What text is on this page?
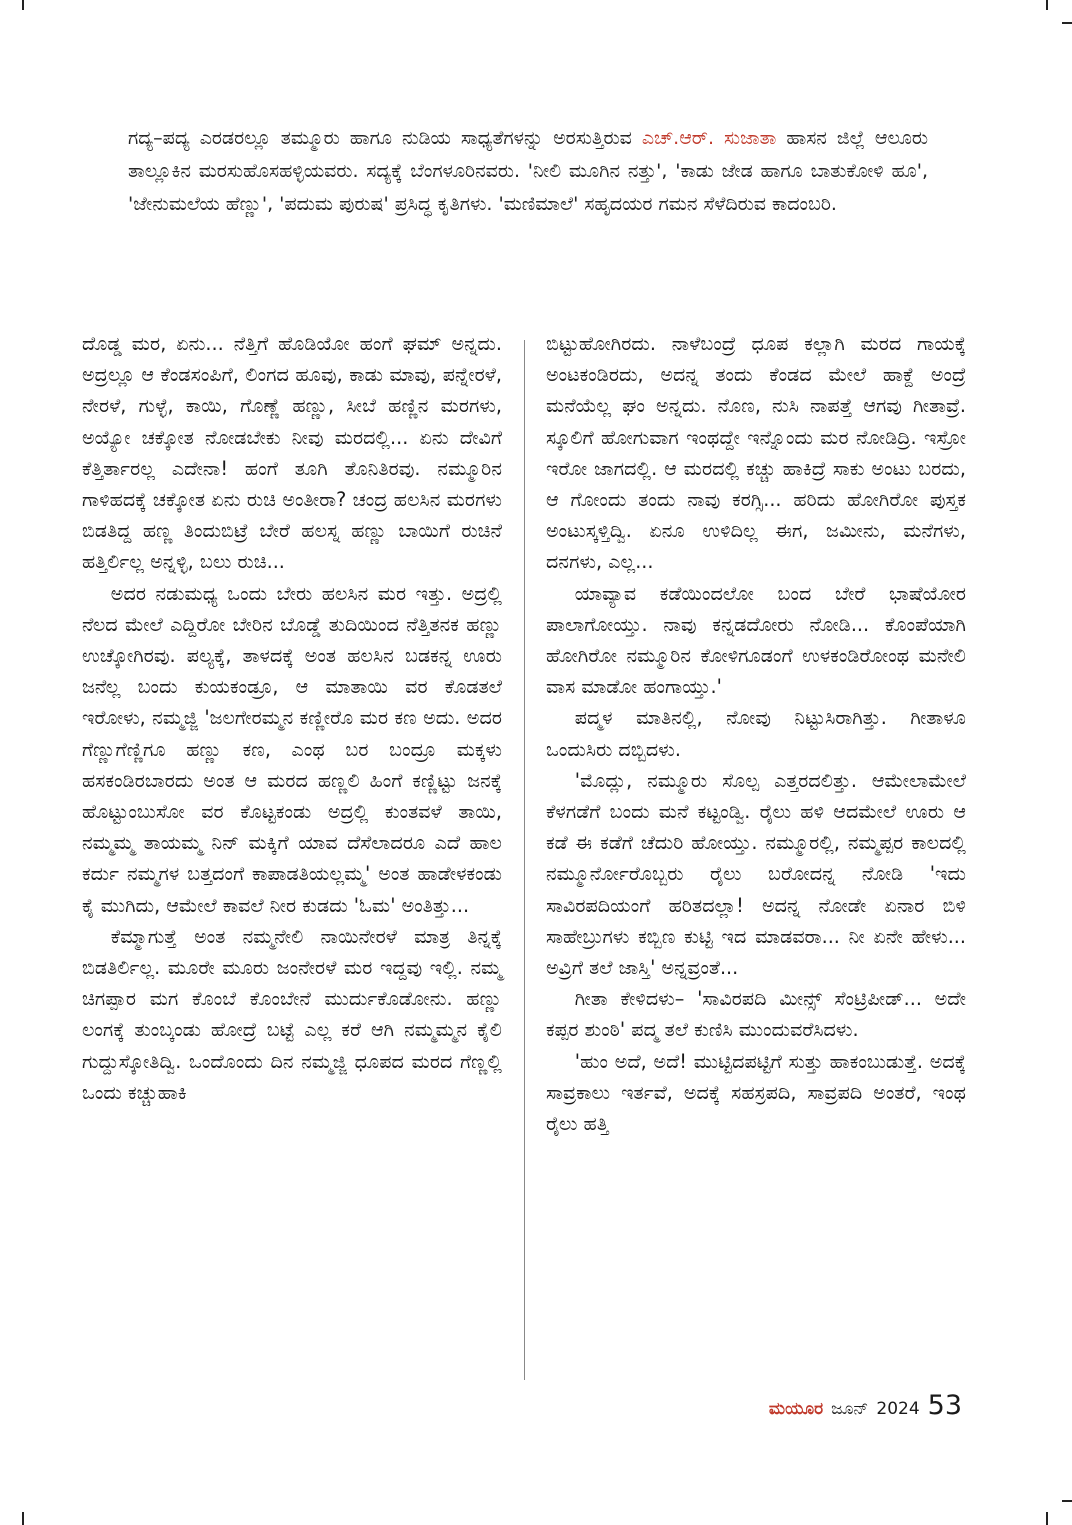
ಗದ್ಯ–ಪದ್ಯ ಎರಡರಲ್ಲೂ ತಮ್ಮೂರು ಹಾಗೂ ನುಡಿಯ ಸಾಧ್ಯತೆಗಳನ್ನು ಅರಸುತ್ತಿರುವ ಎಚ್.ಆರ್. ಸುಜಾತಾ ಹಾಸನ ಜಿಲ್ಲೆ ಆಲೂರು ತಾಲ್ಲೂಕಿನ ಮರಸುಹೊಸಹಳ್ಳಿಯವರು. ಸದ್ಯಕ್ಕೆ ಬೆಂಗಳೂರಿನವರು. 'ನೀಲಿ ಮೂಗಿನ ನತ್ತು', 'ಕಾಡು ಜೇಡ ಹಾಗೂ ಬಾತುಕೋಳಿ ಹೂ', 'ಜೇನುಮಲೆಯ ಹೆಣ್ಣು', 'ಪದುಮ ಪುರುಷ' ಪ್ರಸಿದ್ಧ ಕೃತಿಗಳು. 'ಮಣಿಮಾಲೆ' ಸಹೃದಯರ ಗಮನ ಸೆಳೆದಿರುವ ಕಾದಂಬರಿ.

ದೊಡ್ಡ ಮರ, ಏನು... ನೆತ್ತಿಗೆ ಹೊಡಿಯೋ ಹಂಗೆ ಘಮ್ ಅನ್ನದು. ಅದ್ರಲ್ಲೂ ಆ ಕೆಂಡಸಂಪಿಗೆ, ಲಿಂಗದ ಹೂವು, ಕಾಡು ಮಾವು, ಪನ್ನೇರಳೆ, ನೇರಳೆ, ಗುಳ್ಳೆ, ಕಾಯಿ, ಗೊಣ್ಣೆ ಹಣ್ಣು, ಸೀಬೆ ಹಣ್ಣಿನ ಮರಗಳು, ಅಯ್ಯೋ ಚಕ್ಕೋತ ನೋಡಬೇಕು ನೀವು ಮರದಲ್ಲಿ... ಏನು ದೇವಿಗೆ ಕೆತ್ತಿರ್ತಾರಲ್ಲ ಎದೇನಾ! ಹಂಗೆ ತೂಗಿ ತೊನಿತಿರವು. ನಮ್ಮೂರಿನ ಗಾಳಿಹದಕ್ಕೆ ಚಕ್ಕೋತ ಏನು ರುಚಿ ಅಂತೀರಾ? ಚಂದ್ರ ಹಲಸಿನ ಮರಗಳು ಬಿಡತಿದ್ದ ಹಣ್ಣ ತಿಂದುಬಿಟ್ರೆ ಬೇರೆ ಹಲಸ್ನ ಹಣ್ಣು ಬಾಯಿಗೆ ರುಚಿನೆ ಹತ್ತಿರ್ಲಿಲ್ಲ ಅನ್ನಳ್ಳಿ, ಬಲು ರುಚಿ...

ಅದರ ನಡುಮಧ್ಯ ಒಂದು ಬೇರು ಹಲಸಿನ ಮರ ಇತ್ತು. ಅದ್ರಲ್ಲಿ ನೆಲದ ಮೇಲೆ ಎದ್ದಿರೋ ಬೇರಿನ ಬೊಡ್ಡೆ ತುದಿಯಿಂದ ನೆತ್ತಿತನಕ ಹಣ್ಣು ಉಚ್ಕೋಗಿರವು. ಪಲ್ಯಕ್ಕೆ, ತಾಳದಕ್ಕೆ ಅಂತ ಹಲಸಿನ ಬಡಕನ್ನ ಊರು ಜನೆಲ್ಲ ಬಂದು ಕುಯಕಂಡ್ರೂ, ಆ ಮಾತಾಯಿ ವರ ಕೊಡತಲೆ ಇರೋಳು, ನಮ್ಮಜ್ಜಿ 'ಜಲಗೇರಮ್ಮನ ಕಣ್ಣೀರೊ ಮರ ಕಣ ಅದು. ಅದರ ಗೆಣ್ಣುಗೆಣ್ಣಿಗೂ ಹಣ್ಣು ಕಣ, ಎಂಥ ಬರ ಬಂದ್ರೂ ಮಕ್ಕಳು ಹಸಕಂಡಿರಬಾರದು ಅಂತ ಆ ಮರದ ಹಣ್ಣಲಿ ಹಿಂಗೆ ಕಣ್ಣಿಟ್ಟು ಜನಕ್ಕೆ ಹೊಟ್ಟುಂಬುಸೋ ವರ ಕೊಟ್ಟಕಂಡು ಅದ್ರಲ್ಲಿ ಕುಂತವಳೆ ತಾಯಿ, ನಮ್ಮಮ್ಮ ತಾಯಮ್ಮ ನಿನ್ ಮಕ್ಕಿಗೆ ಯಾವ ದೆಸೆಲಾದರೂ ಎದೆ ಹಾಲ ಕರ್ದು ನಮ್ಮಗಳ ಬತ್ತದಂಗೆ ಕಾಪಾಡತಿಯಲ್ಲಮ್ಮ' ಅಂತ ಹಾಡೇಳಕಂಡು ಕೈ ಮುಗಿದು, ಆಮೇಲೆ ಕಾವಲೆ ನೀರ ಕುಡದು 'ಓಮ' ಅಂತಿತ್ತು...

ಕೆಮ್ಮಾಗುತ್ತೆ ಅಂತ ನಮ್ಮನೇಲಿ ನಾಯಿನೇರಳೆ ಮಾತ್ರ ತಿನ್ನಕ್ಕೆ ಬಿಡತಿರ್ಲಿಲ್ಲ. ಮೂರೇ ಮೂರು ಜಂನೇರಳೆ ಮರ ಇದ್ದವು ಇಲ್ಲಿ. ನಮ್ಮ ಚಿಗಪ್ಪಾರ ಮಗ ಕೊಂಬೆ ಕೊಂಬೇನೆ ಮುರ್ದುಕೊಡೋನು. ಹಣ್ಣು ಲಂಗಕ್ಕೆ ತುಂಬ್ಕಂಡು ಹೋದ್ರೆ ಬಟ್ಟೆ ಎಲ್ಲ ಕರೆ ಆಗಿ ನಮ್ಮಮ್ಮನ ಕೈಲಿ ಗುದ್ದುಸ್ಕೋತಿದ್ವಿ. ಒಂದೊಂದು ದಿನ ನಮ್ಮಜ್ಜಿ ಧೂಪದ ಮರದ ಗೆಣ್ಣಲ್ಲಿ ಒಂದು ಕಚ್ಚುಹಾಕಿ

ಬಿಟ್ಟುಹೋಗಿರದು. ನಾಳೆಬಂದ್ರೆ ಧೂಪ ಕಲ್ಲಾಗಿ ಮರದ ಗಾಯಕ್ಕೆ ಅಂಟಕಂಡಿರದು, ಅದನ್ನ ತಂದು ಕೆಂಡದ ಮೇಲೆ ಹಾಕ್ದೆ ಅಂದ್ರೆ ಮನೆಯೆಲ್ಲ ಘಂ ಅನ್ನದು. ನೊಣ, ನುಸಿ ನಾಪತ್ತೆ ಆಗವು ಗೀತಾವ್ರೆ. ಸ್ಕೂಲಿಗೆ ಹೋಗುವಾಗ ಇಂಥದ್ದೇ ಇನ್ನೊಂದು ಮರ ನೋಡಿದ್ರಿ. ಇಸ್ರೋ ಇರೋ ಜಾಗದಲ್ಲಿ. ಆ ಮರದಲ್ಲಿ ಕಚ್ಚು ಹಾಕಿದ್ರೆ ಸಾಕು ಅಂಟು ಬರದು, ಆ ಗೋಂದು ತಂದು ನಾವು ಕರಗ್ಸಿ... ಹರಿದು ಹೋಗಿರೋ ಪುಸ್ತಕ ಅಂಟುಸ್ಕಳ್ತಿದ್ವಿ. ಏನೂ ಉಳಿದಿಲ್ಲ ಈಗ, ಜಮೀನು, ಮನೆಗಳು, ದನಗಳು, ಎಲ್ಲ...

ಯಾವ್ಯಾವ ಕಡೆಯಿಂದಲೋ ಬಂದ ಬೇರೆ ಭಾಷೆಯೋರ ಪಾಲಾಗೋಯ್ತು. ನಾವು ಕನ್ನಡದೋರು ನೋಡಿ... ಕೊಂಪೆಯಾಗಿ ಹೋಗಿರೋ ನಮ್ಮೂರಿನ ಕೋಳಿಗೂಡಂಗೆ ಉಳಕಂಡಿರೋಂಥ ಮನೇಲಿ ವಾಸ ಮಾಡೋ ಹಂಗಾಯ್ತು.'

ಪದ್ಮಳ ಮಾತಿನಲ್ಲಿ, ನೋವು ನಿಟ್ಟುಸಿರಾಗಿತ್ತು. ಗೀತಾಳೂ ಒಂದುಸಿರು ದಬ್ಬಿದಳು.

'ಮೊದ್ಲು, ನಮ್ಮೂರು ಸೊಲ್ಪ ಎತ್ತರದಲಿತ್ತು. ಆಮೇಲಾಮೇಲೆ ಕೆಳಗಡೆಗೆ ಬಂದು ಮನೆ ಕಟ್ಟಂಡ್ವಿ. ರೈಲು ಹಳಿ ಆದಮೇಲೆ ಊರು ಆ ಕಡೆ ಈ ಕಡೆಗೆ ಚೆದುರಿ ಹೋಯ್ತು. ನಮ್ಮೂರಲ್ಲಿ, ನಮ್ಮಪ್ಪರ ಕಾಲದಲ್ಲಿ ನಮ್ಮೂರ್ನೋರೊಬ್ಬರು ರೈಲು ಬರೋದನ್ನ ನೋಡಿ 'ಇದು ಸಾವಿರಪದಿಯಂಗೆ ಹರಿತದಲ್ಲಾ! ಅದನ್ನ ನೋಡೇ ಏನಾರ ಬಿಳಿ ಸಾಹೇಬ್ರುಗಳು ಕಬ್ಬಿಣ ಕುಟ್ಟಿ ಇದ ಮಾಡವರಾ... ನೀ ಏನೇ ಹೇಳು... ಅವ್ರಿಗೆ ತಲೆ ಜಾಸ್ತಿ' ಅನ್ನವ್ರಂತೆ...

ಗೀತಾ ಕೇಳಿದಳು– 'ಸಾವಿರಪದಿ ಮೀನ್ಸ್ ಸೆಂಟ್ರಿಪೀಡ್... ಅದೇ ಕಪ್ಪರ ಶುಂಠಿ' ಪದ್ಮ ತಲೆ ಕುಣಿಸಿ ಮುಂದುವರೆಸಿದಳು.

'ಹುಂ ಅದೆ, ಅದೆ! ಮುಟ್ಟಿದಪಟ್ಟಿಗೆ ಸುತ್ತು ಹಾಕಂಬುಡುತ್ತೆ. ಅದಕ್ಕೆ ಸಾವ್ರಕಾಲು ಇರ್ತವೆ, ಅದಕ್ಕೆ ಸಹಸ್ರಪದಿ, ಸಾವ್ರಪದಿ ಅಂತರೆ, ಇಂಥ ರೈಲು ಹತ್ತಿ

ಮಯೂರ ಜೂನ್ 2024 53
